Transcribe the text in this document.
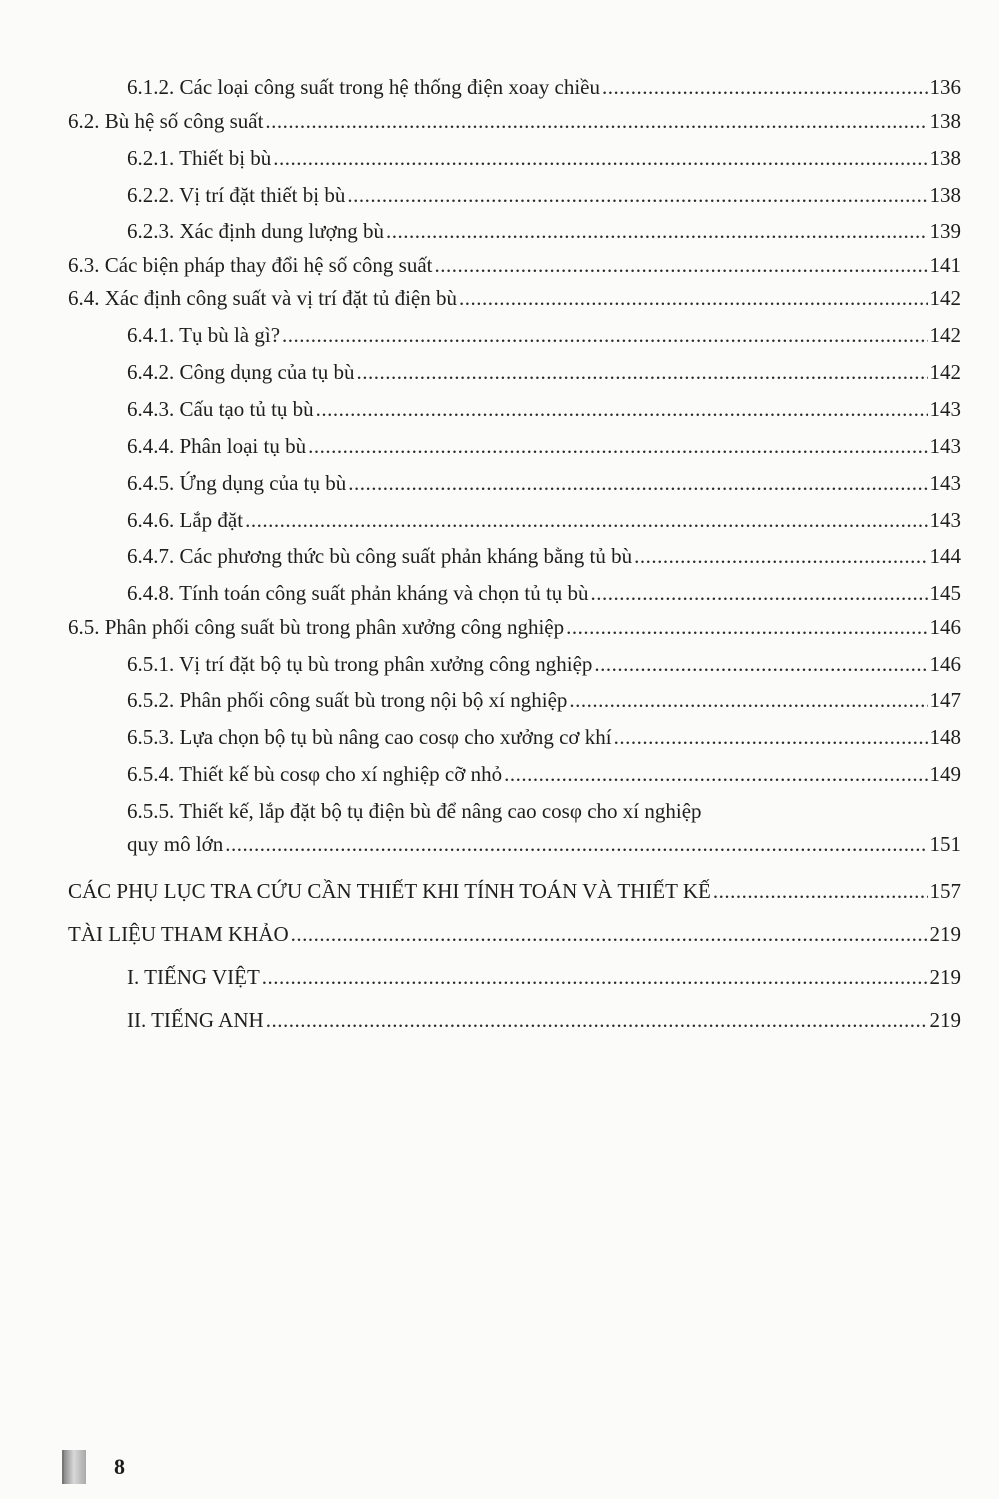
6.1.2. Các loại công suất trong hệ thống điện xoay chiều .....	136
6.2. Bù hệ số công suất .....	138
6.2.1. Thiết bị bù .....	138
6.2.2. Vị trí đặt thiết bị bù .....	138
6.2.3. Xác định dung lượng bù .....	139
6.3. Các biện pháp thay đổi hệ số công suất .....	141
6.4. Xác định công suất và vị trí đặt tủ điện bù .....	142
6.4.1. Tụ bù là gì? .....	142
6.4.2. Công dụng của tụ bù .....	142
6.4.3. Cấu tạo tủ tụ bù .....	143
6.4.4. Phân loại tụ bù .....	143
6.4.5. Ứng dụng của tụ bù .....	143
6.4.6. Lắp đặt .....	143
6.4.7. Các phương thức bù công suất phản kháng bằng tủ bù .....	144
6.4.8. Tính toán công suất phản kháng và chọn tủ tụ bù .....	145
6.5. Phân phối công suất bù trong phân xưởng công nghiệp .....	146
6.5.1. Vị trí đặt bộ tụ bù trong phân xưởng công nghiệp .....	146
6.5.2. Phân phối công suất bù trong nội bộ xí nghiệp .....	147
6.5.3. Lựa chọn bộ tụ bù nâng cao cosφ cho xưởng cơ khí .....	148
6.5.4. Thiết kế bù cosφ cho xí nghiệp cỡ nhỏ .....	149
6.5.5. Thiết kế, lắp đặt bộ tụ điện bù để nâng cao cosφ cho xí nghiệp
quy mô lớn .....	151
CÁC PHỤ LỤC TRA CỨU CẦN THIẾT KHI TÍNH TOÁN VÀ THIẾT KẾ .....	157
TÀI LIỆU THAM KHẢO .....	219
I. TIẾNG VIỆT .....	219
II. TIẾNG ANH .....	219
8
